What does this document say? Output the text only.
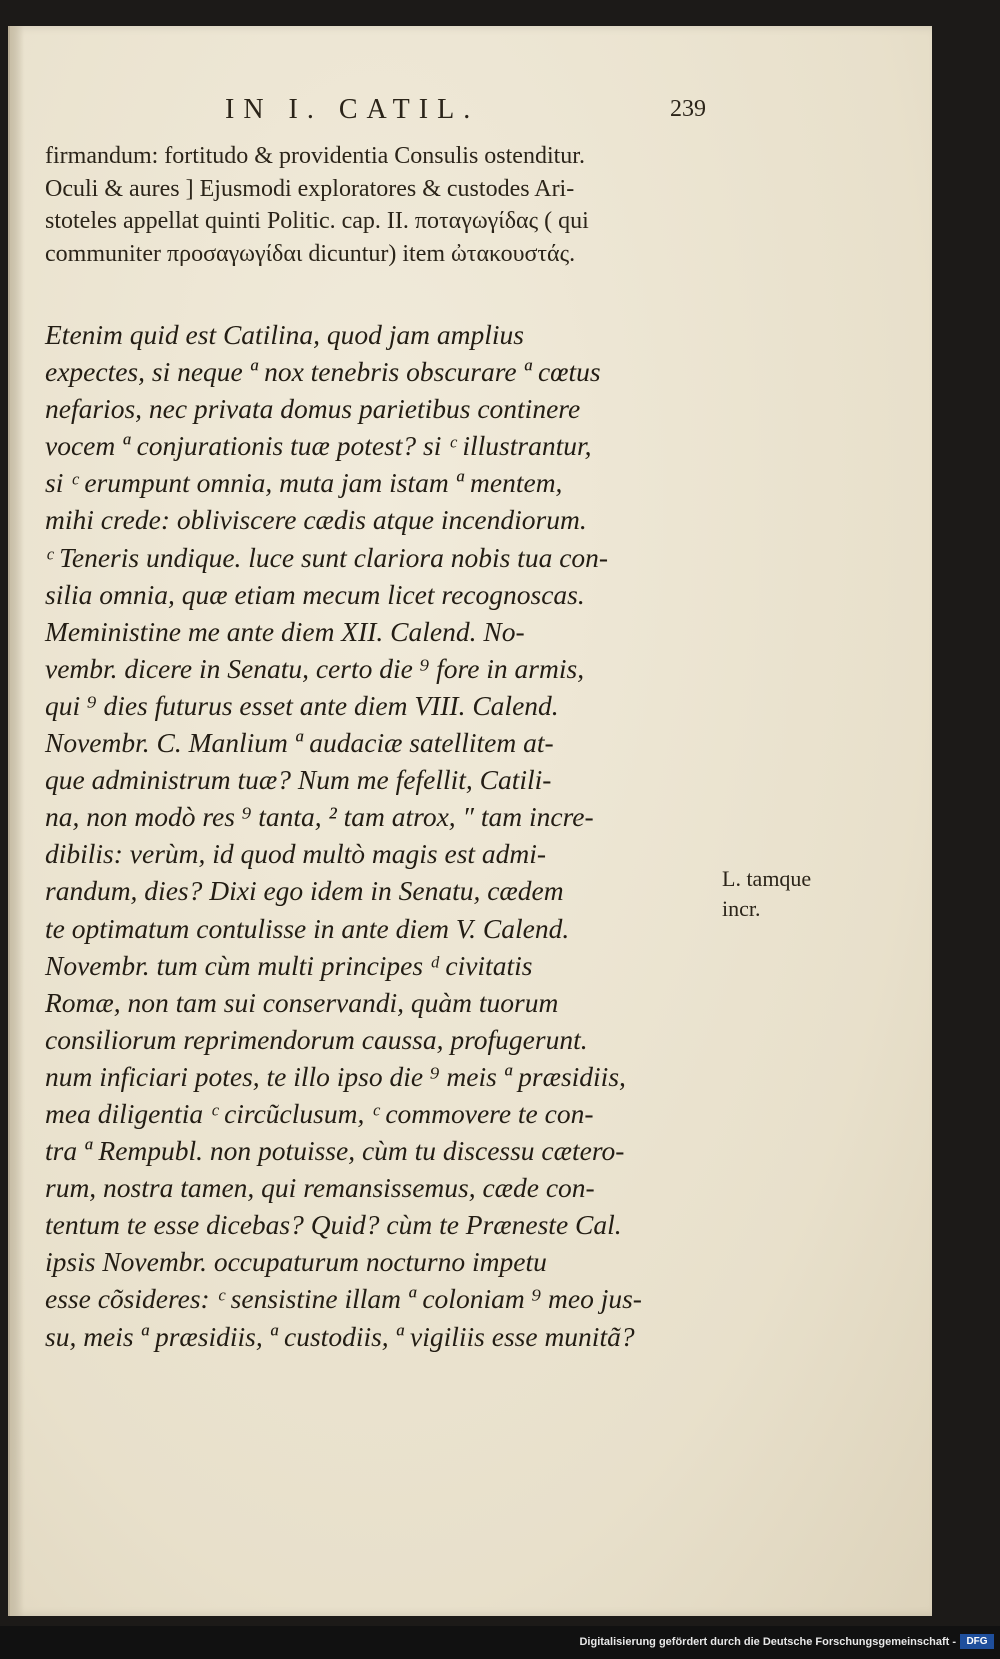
IN I. CATIL.	239
firmandum: fortitudo & providentia Consulis ostenditur.
Oculi & aures ] Ejusmodi exploratores & custodes Ari-
stoteles appellat quinti Politic. cap. II. ποταγωγίδας ( qui
communiter προσαγωγίδαι dicuntur) item ὠτακουστάς.
Etenim quid est Catilina, quod jam amplius
expectes, si neque ª nox tenebris obscurare ª cœtus
nefarios, nec privata domus parietibus continere
vocem ª conjurationis tuæ potest? si ᶜ illustrantur,
si ᶜ erumpunt omnia, muta jam istam ª mentem,
mihi crede: obliviscere cædis atque incendiorum.
ᶜ Teneris undique. luce sunt clariora nobis tua con-
silia omnia, quæ etiam mecum licet recognoscas.
Meministine me ante diem XII. Calend. No-
vembr. dicere in Senatu, certo die ⁹ fore in armis,
qui ⁹ dies futurus esset ante diem VIII. Calend.
Novembr. C. Manlium ª audaciæ satellitem at-
que administrum tuæ? Num me fefellit, Catili-
na, non modò res ⁹ tanta, ² tam atrox, ″ tam incre-
dibilis: verùm, id quod multò magis est admi-
randum, dies? Dixi ego idem in Senatu, cædem
te optimatum contulisse in ante diem V. Calend.
Novembr. tum cùm multi principes ᵈ civitatis
Romæ, non tam sui conservandi, quàm tuorum
consiliorum reprimendorum caussa, profugerunt.
num inficiari potes, te illo ipso die ⁹ meis ª præsidiis,
mea diligentia ᶜ circũclusum, ᶜ commovere te con-
tra ª Rempubl. non potuisse, cùm tu discessu cætero-
rum, nostra tamen, qui remansissemus, cæde con-
tentum te esse dicebas? Quid? cùm te Præneste Cal.
ipsis Novembr. occupaturum nocturno impetu
esse cõsideres: ᶜ sensistine illam ª coloniam ⁹ meo jus-
su, meis ª præsidiis, ª custodiis, ª vigiliis esse munitã?
L. tamque
incr.
Digitalisierung gefördert durch die Deutsche Forschungsgemeinschaft -	DFG
